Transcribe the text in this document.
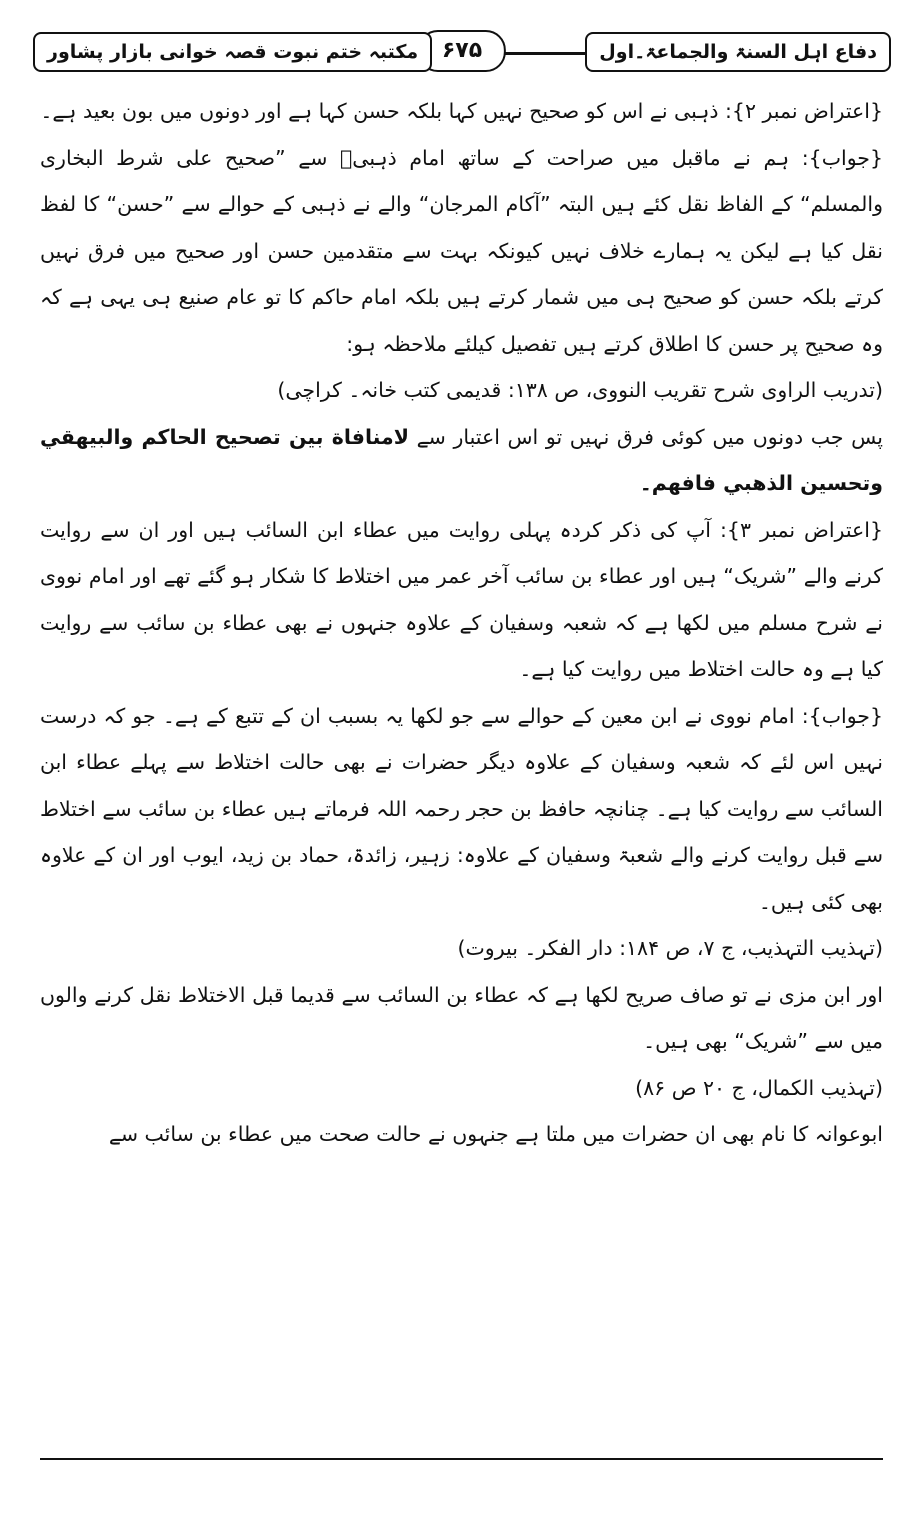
دفاع اہل السنۃ والجماعۃ۔اول
۶۷۵
مکتبہ ختم نبوت قصہ خوانی بازار پشاور

{اعتراض نمبر ۲}: ذہبی نے اس کو صحیح نہیں کہا بلکہ حسن کہا ہے اور دونوں میں بون بعید ہے۔

{جواب}: ہم نے ماقبل میں صراحت کے ساتھ امام ذہبیؒ سے ”صحیح علی شرط البخاری والمسلم“ کے الفاظ نقل کئے ہیں البتہ ”آکام المرجان“ والے نے ذہبی کے حوالے سے ”حسن“ کا لفظ نقل کیا ہے لیکن یہ ہمارے خلاف نہیں کیونکہ بہت سے متقدمین حسن اور صحیح میں فرق نہیں کرتے بلکہ حسن کو صحیح ہی میں شمار کرتے ہیں بلکہ امام حاکم کا تو عام صنیع ہی یہی ہے کہ وہ صحیح پر حسن کا اطلاق کرتے ہیں تفصیل کیلئے ملاحظہ ہو:

(تدریب الراوی شرح تقریب النووی، ص ۱۳۸: قدیمی کتب خانہ۔ کراچی)

پس جب دونوں میں کوئی فرق نہیں تو اس اعتبار سے لامنافاة بين تصحيح الحاكم والبيهقي وتحسين الذهبي فافهم۔

{اعتراض نمبر ۳}: آپ کی ذکر کردہ پہلی روایت میں عطاء ابن السائب ہیں اور ان سے روایت کرنے والے ”شریک“ ہیں اور عطاء بن سائب آخر عمر میں اختلاط کا شکار ہو گئے تھے اور امام نووی نے شرح مسلم میں لکھا ہے کہ شعبہ وسفیان کے علاوہ جنہوں نے بھی عطاء بن سائب سے روایت کیا ہے وہ حالت اختلاط میں روایت کیا ہے۔

{جواب}: امام نووی نے ابن معین کے حوالے سے جو لکھا یہ بسبب ان کے تتبع کے ہے۔ جو کہ درست نہیں اس لئے کہ شعبہ وسفیان کے علاوہ دیگر حضرات نے بھی حالت اختلاط سے پہلے عطاء ابن السائب سے روایت کیا ہے۔ چنانچہ حافظ بن حجر رحمہ اللہ فرماتے ہیں عطاء بن سائب سے اختلاط سے قبل روایت کرنے والے شعبۃ وسفیان کے علاوہ: زہیر، زائدۃ، حماد بن زید، ایوب اور ان کے علاوہ بھی کئی ہیں۔

(تہذیب التہذیب، ج ۷، ص ۱۸۴: دار الفکر۔ بیروت)

اور ابن مزی نے تو صاف صریح لکھا ہے کہ عطاء بن السائب سے قدیما قبل الاختلاط نقل کرنے والوں میں سے ”شریک“ بھی ہیں۔

(تہذیب الکمال، ج ۲۰ ص ۸۶)

ابوعوانہ کا نام بھی ان حضرات میں ملتا ہے جنہوں نے حالت صحت میں عطاء بن سائب سے
